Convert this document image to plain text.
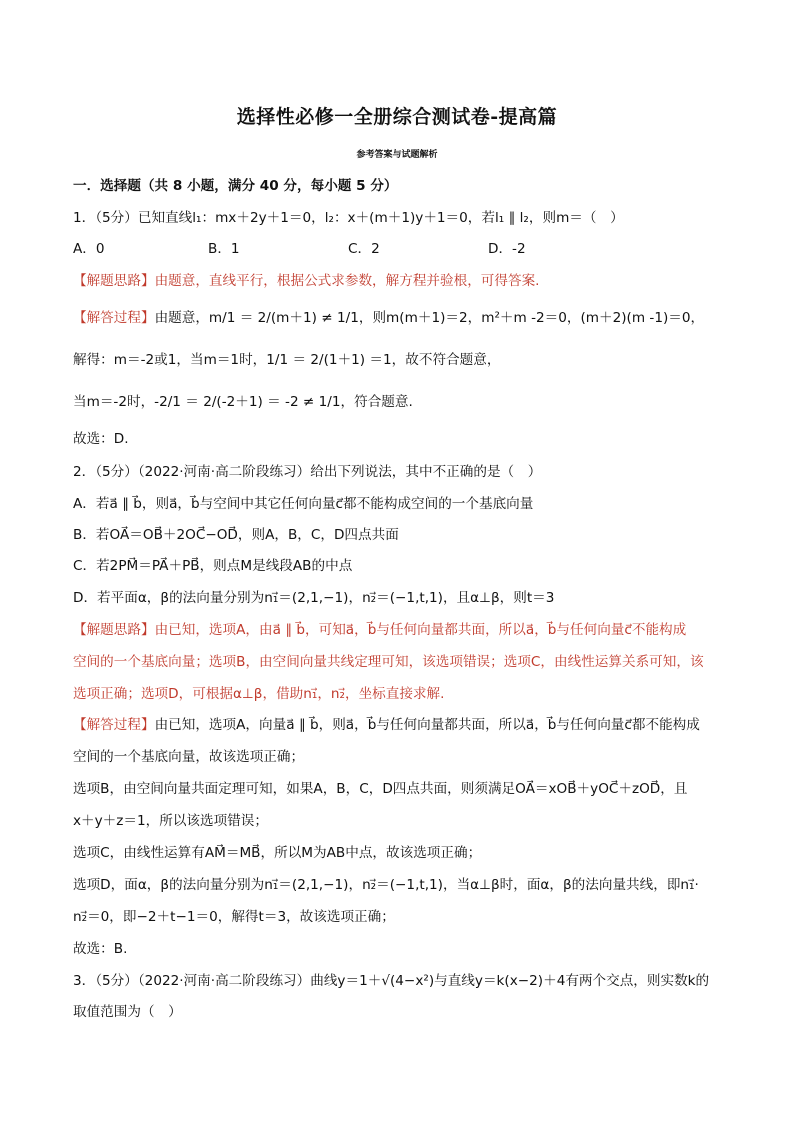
选择性必修一全册综合测试卷-提高篇
参考答案与试题解析
一．选择题（共 8 小题，满分 40 分，每小题 5 分）
1．（5分）已知直线l₁：mx＋2y＋1＝0，l₂：x＋(m＋1)y＋1＝0，若l₁ ∥ l₂，则m＝（　）
A．0	B．1	C．2	D．-2
【解题思路】由题意，直线平行，根据公式求参数，解方程并验根，可得答案.
【解答过程】由题意，m/1 ＝ 2/(m＋1) ≠ 1/1，则m(m＋1)＝2，m²＋m -2＝0，(m＋2)(m -1)＝0，
解得：m＝-2或1，当m＝1时，1/1 ＝ 2/(1＋1) ＝1，故不符合题意，
当m＝-2时，-2/1 ＝ 2/(-2＋1) ＝ -2 ≠ 1/1，符合题意.
故选：D.
2．（5分）（2022·河南·高二阶段练习）给出下列说法，其中不正确的是（　）
A．若a⃗ ∥ b⃗，则a⃗，b⃗与空间中其它任何向量c⃗都不能构成空间的一个基底向量
B．若OA⃗＝OB⃗＋2OC⃗−OD⃗，则A，B，C，D四点共面
C．若2PM⃗＝PA⃗＋PB⃗，则点M是线段AB的中点
D．若平面α，β的法向量分别为n₁⃗＝(2,1,−1)，n₂⃗＝(−1,t,1)，且α⊥β，则t＝3
【解题思路】由已知，选项A，由a⃗ ∥ b⃗，可知a⃗，b⃗与任何向量都共面，所以a⃗，b⃗与任何向量c⃗不能构成
空间的一个基底向量；选项B，由空间向量共线定理可知，该选项错误；选项C，由线性运算关系可知，该
选项正确；选项D，可根据α⊥β，借助n₁⃗，n₂⃗，坐标直接求解.
【解答过程】由已知，选项A，向量a⃗ ∥ b⃗，则a⃗，b⃗与任何向量都共面，所以a⃗，b⃗与任何向量c⃗都不能构成
空间的一个基底向量，故该选项正确；
选项B，由空间向量共面定理可知，如果A，B，C，D四点共面，则须满足OA⃗＝xOB⃗＋yOC⃗＋zOD⃗，且
x＋y＋z＝1，所以该选项错误；
选项C，由线性运算有AM⃗＝MB⃗，所以M为AB中点，故该选项正确；
选项D，面α，β的法向量分别为n₁⃗＝(2,1,−1)，n₂⃗＝(−1,t,1)，当α⊥β时，面α，β的法向量共线，即n₁⃗·
n₂⃗＝0，即−2＋t−1＝0，解得t＝3，故该选项正确；
故选：B.
3．（5分）（2022·河南·高二阶段练习）曲线y＝1＋√(4−x²)与直线y＝k(x−2)＋4有两个交点，则实数k的
取值范围为（　）
